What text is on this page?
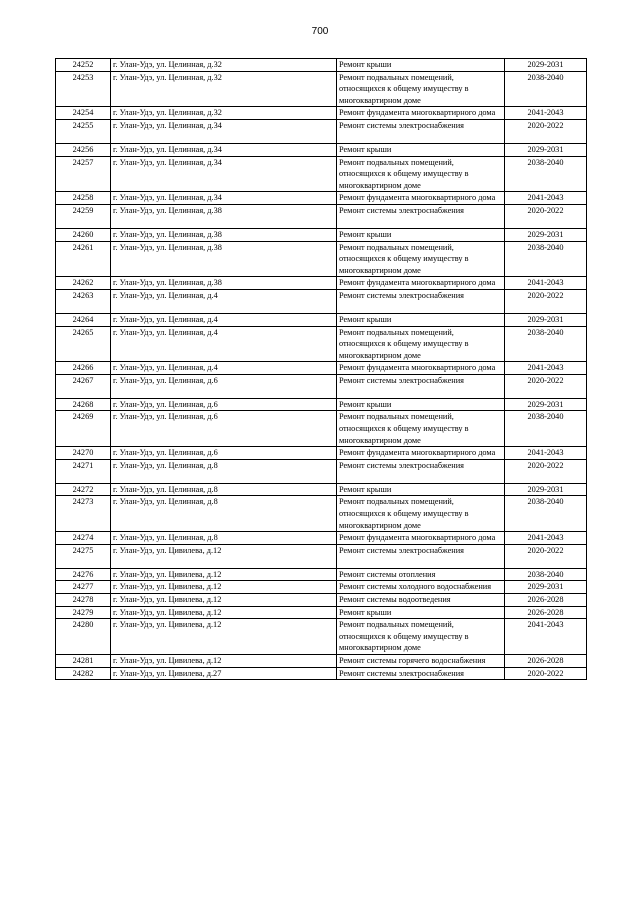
700
24252	г. Улан-Удэ, ул. Целинная, д.32	Ремонт крыши	2029-2031
24253	г. Улан-Удэ, ул. Целинная, д.32	Ремонт подвальных помещений, относящихся к общему имуществу в многоквартирном доме	2038-2040
24254	г. Улан-Удэ, ул. Целинная, д.32	Ремонт фундамента многоквартирного дома	2041-2043
24255	г. Улан-Удэ, ул. Целинная, д.34	Ремонт системы электроснабжения	2020-2022
24256	г. Улан-Удэ, ул. Целинная, д.34	Ремонт крыши	2029-2031
24257	г. Улан-Удэ, ул. Целинная, д.34	Ремонт подвальных помещений, относящихся к общему имуществу в многоквартирном доме	2038-2040
24258	г. Улан-Удэ, ул. Целинная, д.34	Ремонт фундамента многоквартирного дома	2041-2043
24259	г. Улан-Удэ, ул. Целинная, д.38	Ремонт системы электроснабжения	2020-2022
24260	г. Улан-Удэ, ул. Целинная, д.38	Ремонт крыши	2029-2031
24261	г. Улан-Удэ, ул. Целинная, д.38	Ремонт подвальных помещений, относящихся к общему имуществу в многоквартирном доме	2038-2040
24262	г. Улан-Удэ, ул. Целинная, д.38	Ремонт фундамента многоквартирного дома	2041-2043
24263	г. Улан-Удэ, ул. Целинная, д.4	Ремонт системы электроснабжения	2020-2022
24264	г. Улан-Удэ, ул. Целинная, д.4	Ремонт крыши	2029-2031
24265	г. Улан-Удэ, ул. Целинная, д.4	Ремонт подвальных помещений, относящихся к общему имуществу в многоквартирном доме	2038-2040
24266	г. Улан-Удэ, ул. Целинная, д.4	Ремонт фундамента многоквартирного дома	2041-2043
24267	г. Улан-Удэ, ул. Целинная, д.6	Ремонт системы электроснабжения	2020-2022
24268	г. Улан-Удэ, ул. Целинная, д.6	Ремонт крыши	2029-2031
24269	г. Улан-Удэ, ул. Целинная, д.6	Ремонт подвальных помещений, относящихся к общему имуществу в многоквартирном доме	2038-2040
24270	г. Улан-Удэ, ул. Целинная, д.6	Ремонт фундамента многоквартирного дома	2041-2043
24271	г. Улан-Удэ, ул. Целинная, д.8	Ремонт системы электроснабжения	2020-2022
24272	г. Улан-Удэ, ул. Целинная, д.8	Ремонт крыши	2029-2031
24273	г. Улан-Удэ, ул. Целинная, д.8	Ремонт подвальных помещений, относящихся к общему имуществу в многоквартирном доме	2038-2040
24274	г. Улан-Удэ, ул. Целинная, д.8	Ремонт фундамента многоквартирного дома	2041-2043
24275	г. Улан-Удэ, ул. Цивилева, д.12	Ремонт системы электроснабжения	2020-2022
24276	г. Улан-Удэ, ул. Цивилева, д.12	Ремонт системы отопления	2038-2040
24277	г. Улан-Удэ, ул. Цивилева, д.12	Ремонт системы холодного водоснабжения	2029-2031
24278	г. Улан-Удэ, ул. Цивилева, д.12	Ремонт системы водоотведения	2026-2028
24279	г. Улан-Удэ, ул. Цивилева, д.12	Ремонт крыши	2026-2028
24280	г. Улан-Удэ, ул. Цивилева, д.12	Ремонт подвальных помещений, относящихся к общему имуществу в многоквартирном доме	2041-2043
24281	г. Улан-Удэ, ул. Цивилева, д.12	Ремонт системы горячего водоснабжения	2026-2028
24282	г. Улан-Удэ, ул. Цивилева, д.27	Ремонт системы электроснабжения	2020-2022
